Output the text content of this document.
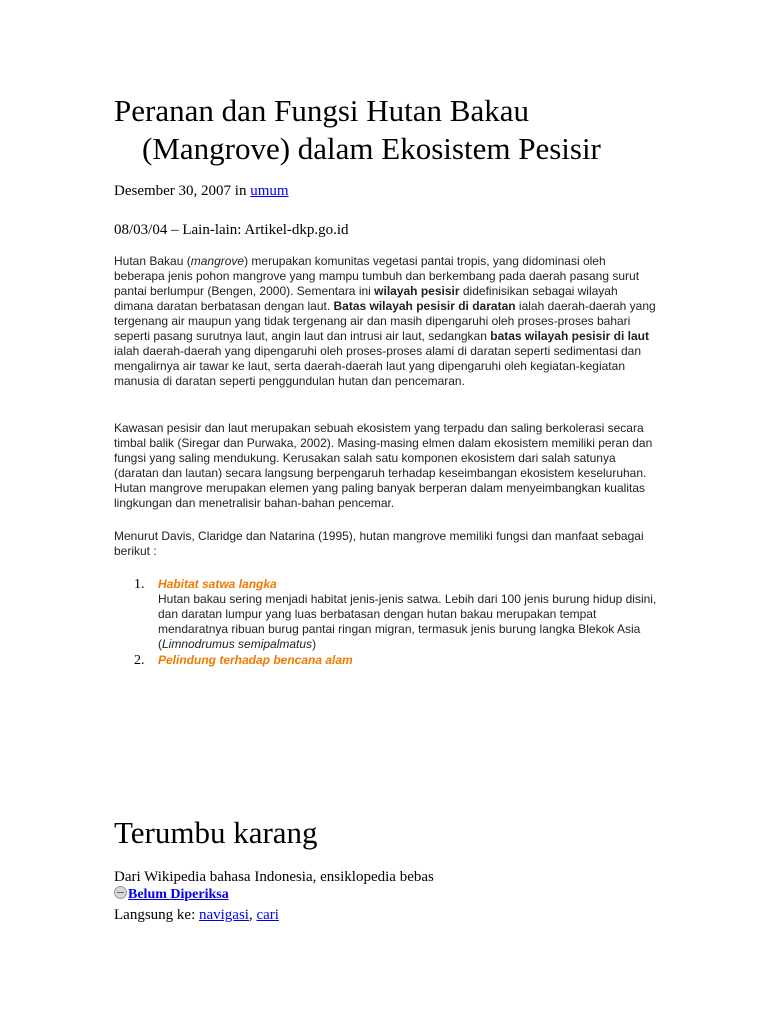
Peranan dan Fungsi Hutan Bakau
(Mangrove) dalam Ekosistem Pesisir
Desember 30, 2007 in umum
08/03/04 – Lain-lain: Artikel-dkp.go.id

Hutan Bakau (mangrove) merupakan komunitas vegetasi pantai tropis, yang didominasi oleh beberapa jenis pohon mangrove yang mampu tumbuh dan berkembang pada daerah pasang surut pantai berlumpur (Bengen, 2000). Sementara ini wilayah pesisir didefinisikan sebagai wilayah dimana daratan berbatasan dengan laut. Batas wilayah pesisir di daratan ialah daerah-daerah yang tergenang air maupun yang tidak tergenang air dan masih dipengaruhi oleh proses-proses bahari seperti pasang surutnya laut, angin laut dan intrusi air laut, sedangkan batas wilayah pesisir di laut ialah daerah-daerah yang dipengaruhi oleh proses-proses alami di daratan seperti sedimentasi dan mengalirnya air tawar ke laut, serta daerah-daerah laut yang dipengaruhi oleh kegiatan-kegiatan manusia di daratan seperti penggundulan hutan dan pencemaran.

Kawasan pesisir dan laut merupakan sebuah ekosistem yang terpadu dan saling berkolerasi secara timbal balik (Siregar dan Purwaka, 2002). Masing-masing elmen dalam ekosistem memiliki peran dan fungsi yang saling mendukung. Kerusakan salah satu komponen ekosistem dari salah satunya (daratan dan lautan) secara langsung berpengaruh terhadap keseimbangan ekosistem keseluruhan. Hutan mangrove merupakan elemen yang paling banyak berperan dalam menyeimbangkan kualitas lingkungan dan menetralisir bahan-bahan pencemar.

Menurut Davis, Claridge dan Natarina (1995), hutan mangrove memiliki fungsi dan manfaat sebagai berikut :

1. Habitat satwa langka
Hutan bakau sering menjadi habitat jenis-jenis satwa. Lebih dari 100 jenis burung hidup disini, dan daratan lumpur yang luas berbatasan dengan hutan bakau merupakan tempat mendaratnya ribuan burug pantai ringan migran, termasuk jenis burung langka Blekok Asia (Limnodrumus semipalmatus)
2. Pelindung terhadap bencana alam
Terumbu karang
Dari Wikipedia bahasa Indonesia, ensiklopedia bebas
Belum Diperiksa
Langsung ke: navigasi, cari
